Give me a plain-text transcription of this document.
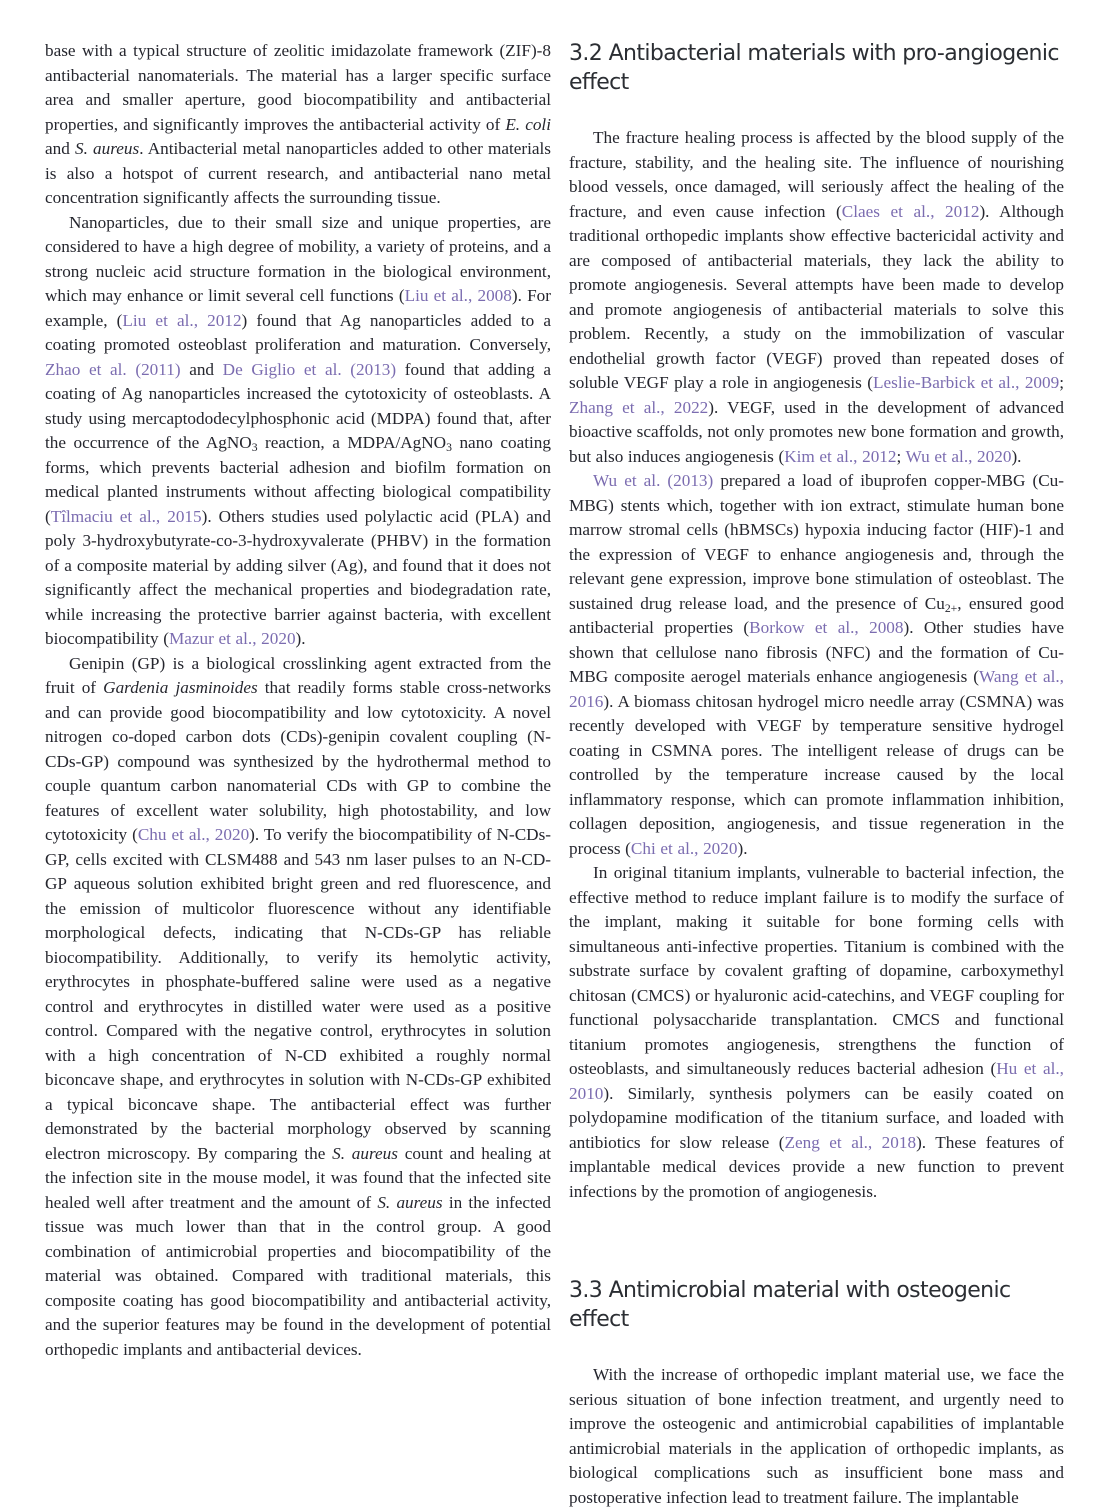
base with a typical structure of zeolitic imidazolate framework (ZIF)-8 antibacterial nanomaterials. The material has a larger specific surface area and smaller aperture, good biocompatibility and antibacterial properties, and significantly improves the antibacterial activity of E. coli and S. aureus. Antibacterial metal nanoparticles added to other materials is also a hotspot of current research, and antibacterial nano metal concentration significantly affects the surrounding tissue.

Nanoparticles, due to their small size and unique properties, are considered to have a high degree of mobility, a variety of proteins, and a strong nucleic acid structure formation in the biological environment, which may enhance or limit several cell functions (Liu et al., 2008). For example, (Liu et al., 2012) found that Ag nanoparticles added to a coating promoted osteoblast proliferation and maturation. Conversely, Zhao et al. (2011) and De Giglio et al. (2013) found that adding a coating of Ag nanoparticles increased the cytotoxicity of osteoblasts. A study using mercaptododecylphosphonic acid (MDPA) found that, after the occurrence of the AgNO$_3$ reaction, a MDPA/AgNO$_3$ nano coating forms, which prevents bacterial adhesion and biofilm formation on medical planted instruments without affecting biological compatibility (Tîlmaciu et al., 2015). Others studies used polylactic acid (PLA) and poly 3-hydroxybutyrate-co-3-hydroxyvalerate (PHBV) in the formation of a composite material by adding silver (Ag), and found that it does not significantly affect the mechanical properties and biodegradation rate, while increasing the protective barrier against bacteria, with excellent biocompatibility (Mazur et al., 2020).

Genipin (GP) is a biological crosslinking agent extracted from the fruit of Gardenia jasminoides that readily forms stable cross-networks and can provide good biocompatibility and low cytotoxicity. A novel nitrogen co-doped carbon dots (CDs)-genipin covalent coupling (N-CDs-GP) compound was synthesized by the hydrothermal method to couple quantum carbon nanomaterial CDs with GP to combine the features of excellent water solubility, high photostability, and low cytotoxicity (Chu et al., 2020). To verify the biocompatibility of N-CDs-GP, cells excited with CLSM488 and 543 nm laser pulses to an N-CD-GP aqueous solution exhibited bright green and red fluorescence, and the emission of multicolor fluorescence without any identifiable morphological defects, indicating that N-CDs-GP has reliable biocompatibility. Additionally, to verify its hemolytic activity, erythrocytes in phosphate-buffered saline were used as a negative control and erythrocytes in distilled water were used as a positive control. Compared with the negative control, erythrocytes in solution with a high concentration of N-CD exhibited a roughly normal biconcave shape, and erythrocytes in solution with N-CDs-GP exhibited a typical biconcave shape. The antibacterial effect was further demonstrated by the bacterial morphology observed by scanning electron microscopy. By comparing the S. aureus count and healing at the infection site in the mouse model, it was found that the infected site healed well after treatment and the amount of S. aureus in the infected tissue was much lower than that in the control group. A good combination of antimicrobial properties and biocompatibility of the material was obtained. Compared with traditional materials, this composite coating has good biocompatibility and antibacterial activity, and the superior features may be found in the development of potential orthopedic implants and antibacterial devices.

3.2 Antibacterial materials with pro-angiogenic effect

The fracture healing process is affected by the blood supply of the fracture, stability, and the healing site. The influence of nourishing blood vessels, once damaged, will seriously affect the healing of the fracture, and even cause infection (Claes et al., 2012). Although traditional orthopedic implants show effective bactericidal activity and are composed of antibacterial materials, they lack the ability to promote angiogenesis. Several attempts have been made to develop and promote angiogenesis of antibacterial materials to solve this problem. Recently, a study on the immobilization of vascular endothelial growth factor (VEGF) proved than repeated doses of soluble VEGF play a role in angiogenesis (Leslie-Barbick et al., 2009; Zhang et al., 2022). VEGF, used in the development of advanced bioactive scaffolds, not only promotes new bone formation and growth, but also induces angiogenesis (Kim et al., 2012; Wu et al., 2020).

Wu et al. (2013) prepared a load of ibuprofen copper-MBG (Cu-MBG) stents which, together with ion extract, stimulate human bone marrow stromal cells (hBMSCs) hypoxia inducing factor (HIF)-1 and the expression of VEGF to enhance angiogenesis and, through the relevant gene expression, improve bone stimulation of osteoblast. The sustained drug release load, and the presence of $Cu_{2+}$, ensured good antibacterial properties (Borkow et al., 2008). Other studies have shown that cellulose nano fibrosis (NFC) and the formation of Cu-MBG composite aerogel materials enhance angiogenesis (Wang et al., 2016). A biomass chitosan hydrogel micro needle array (CSMNA) was recently developed with VEGF by temperature sensitive hydrogel coating in CSMNA pores. The intelligent release of drugs can be controlled by the temperature increase caused by the local inflammatory response, which can promote inflammation inhibition, collagen deposition, angiogenesis, and tissue regeneration in the process (Chi et al., 2020).

In original titanium implants, vulnerable to bacterial infection, the effective method to reduce implant failure is to modify the surface of the implant, making it suitable for bone forming cells with simultaneous anti-infective properties. Titanium is combined with the substrate surface by covalent grafting of dopamine, carboxymethyl chitosan (CMCS) or hyaluronic acid-catechins, and VEGF coupling for functional polysaccharide transplantation. CMCS and functional titanium promotes angiogenesis, strengthens the function of osteoblasts, and simultaneously reduces bacterial adhesion (Hu et al., 2010). Similarly, synthesis polymers can be easily coated on polydopamine modification of the titanium surface, and loaded with antibiotics for slow release (Zeng et al., 2018). These features of implantable medical devices provide a new function to prevent infections by the promotion of angiogenesis.

3.3 Antimicrobial material with osteogenic effect

With the increase of orthopedic implant material use, we face the serious situation of bone infection treatment, and urgently need to improve the osteogenic and antimicrobial capabilities of implantable antimicrobial materials in the application of orthopedic implants, as biological complications such as insufficient bone mass and postoperative infection lead to treatment failure. The implantable
